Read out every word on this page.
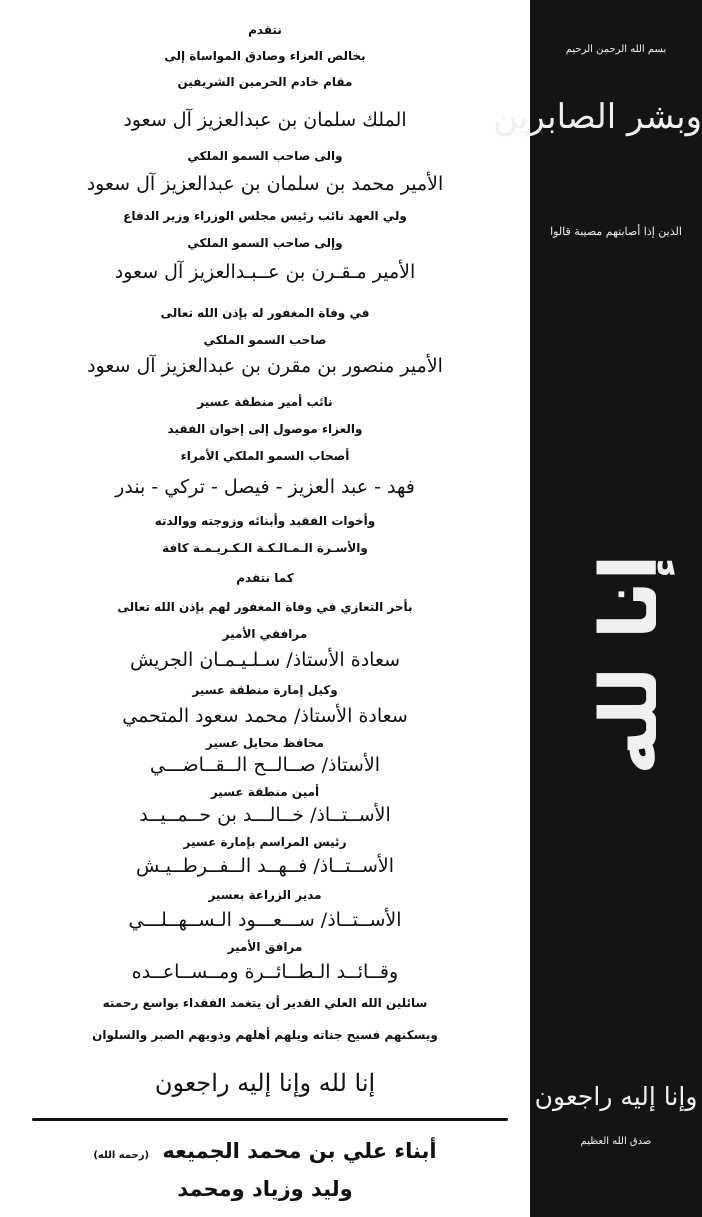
نتقدم
بخالص العزاء وصادق المواساة إلى
مقام خادم الحرمين الشريفين
الملك سلمان بن عبدالعزيز آل سعود
والى صاحب السمو الملكي
الأمير محمد بن سلمان بن عبدالعزيز آل سعود
ولي العهد نائب رئيس مجلس الوزراء وزير الدفاع
وإلى صاحب السمو الملكي
الأمير مـقـرن بن عــبـدالعزيز آل سعود
في وفاة المغفور له بإذن الله تعالى
صاحب السمو الملكي
الأمير منصور بن مقرن بن عبدالعزيز آل سعود
نائب أمير منطقة عسير
والعزاء موصول إلى إخوان الفقيد
أصحاب السمو الملكي الأمراء
فهد - عبد العزيز - فيصل - تركي - بندر
وأخوات الفقيد وأبنائه وزوجته ووالدته
والأسـرة الـمـالـكـة الـكـريـمـة كافة
كما نتقدم
بأحر التعازي في وفاة المغفور لهم بإذن الله تعالى
مرافقي الأمير
سعادة الأستاذ/ سـلـيـمـان الجريش
وكيل إمارة منطقة عسير
سعادة الأستاذ/ محمد سعود المتحمي
محافظ محايل عسير
الأستاذ/ صــالــح الــقــاضـــي
أمين منطقة عسير
الأســتــاذ/ خــالـــد بن حــمــيــد
رئيس المراسم بإمارة عسير
الأســتــاذ/ فــهــد الــفــرطــيـش
مدير الزراعة بعسير
الأســتــاذ/ ســـعـــود الـســهــلـــي
مرافق الأمير
وقــائــد الـطــائــرة ومــســاعــده
سائلين الله العلي القدير أن يتغمد الفقداء بواسع رحمته
ويسكنهم فسيح جناته ويلهم أهلهم وذويهم الصبر والسلوان
إنا لله وإنا إليه راجعون
أبناء علي بن محمد الجميعه (رحمه الله)
وليد وزياد ومحمد
بسم الله الرحمن الرحيم
وبشر الصابرين
الذين إذا أصابتهم مصيبة قالوا
إنا لله
وإنا إليه راجعون
صدق الله العظيم
